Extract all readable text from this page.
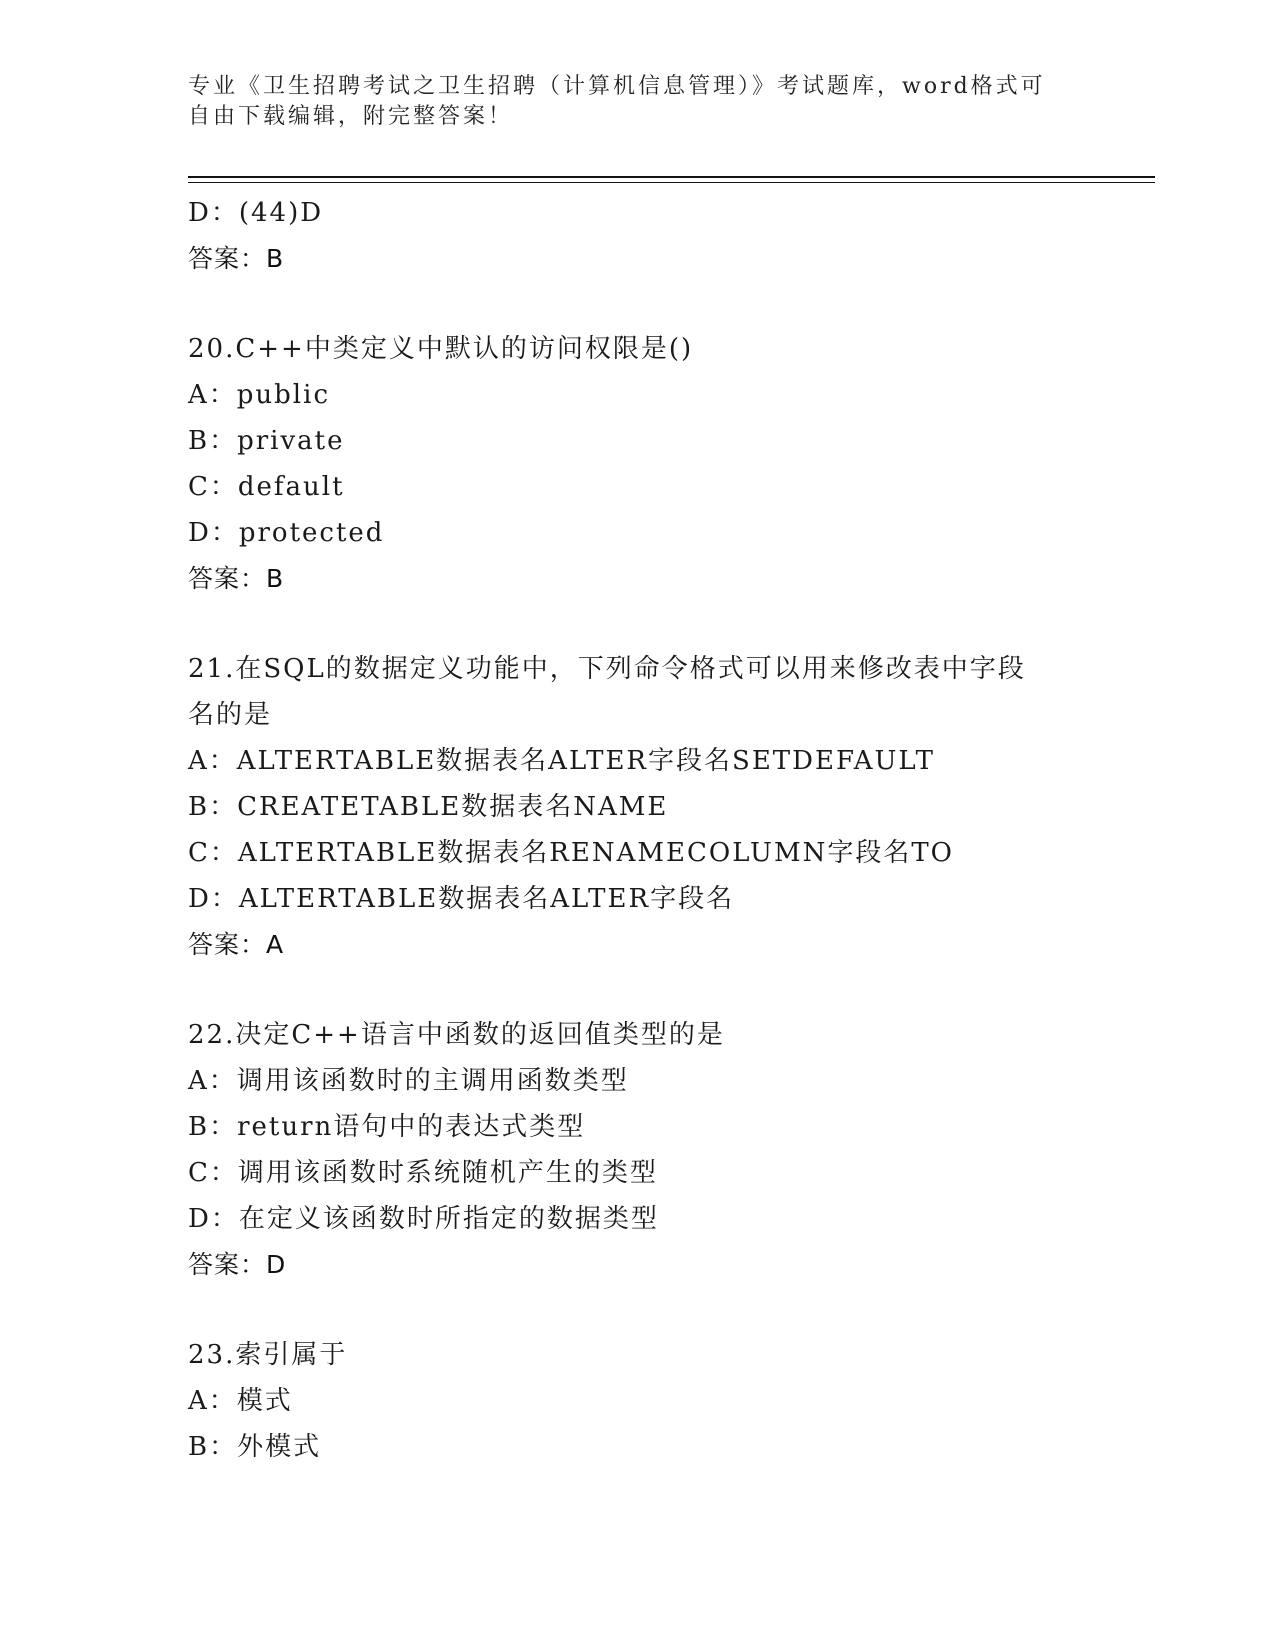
专业《卫生招聘考试之卫生招聘（计算机信息管理）》考试题库，word格式可自由下载编辑，附完整答案！
D：(44)D
答案：B
20.C++中类定义中默认的访问权限是()
A：public
B：private
C：default
D：protected
答案：B
21.在SQL的数据定义功能中，下列命令格式可以用来修改表中字段名的是
A：ALTERTABLE数据表名ALTER字段名SETDEFAULT
B：CREATETABLE数据表名NAME
C：ALTERTABLE数据表名RENAMECOLUMN字段名TO
D：ALTERTABLE数据表名ALTER字段名
答案：A
22.决定C++语言中函数的返回值类型的是
A：调用该函数时的主调用函数类型
B：return语句中的表达式类型
C：调用该函数时系统随机产生的类型
D：在定义该函数时所指定的数据类型
答案：D
23.索引属于
A：模式
B：外模式
